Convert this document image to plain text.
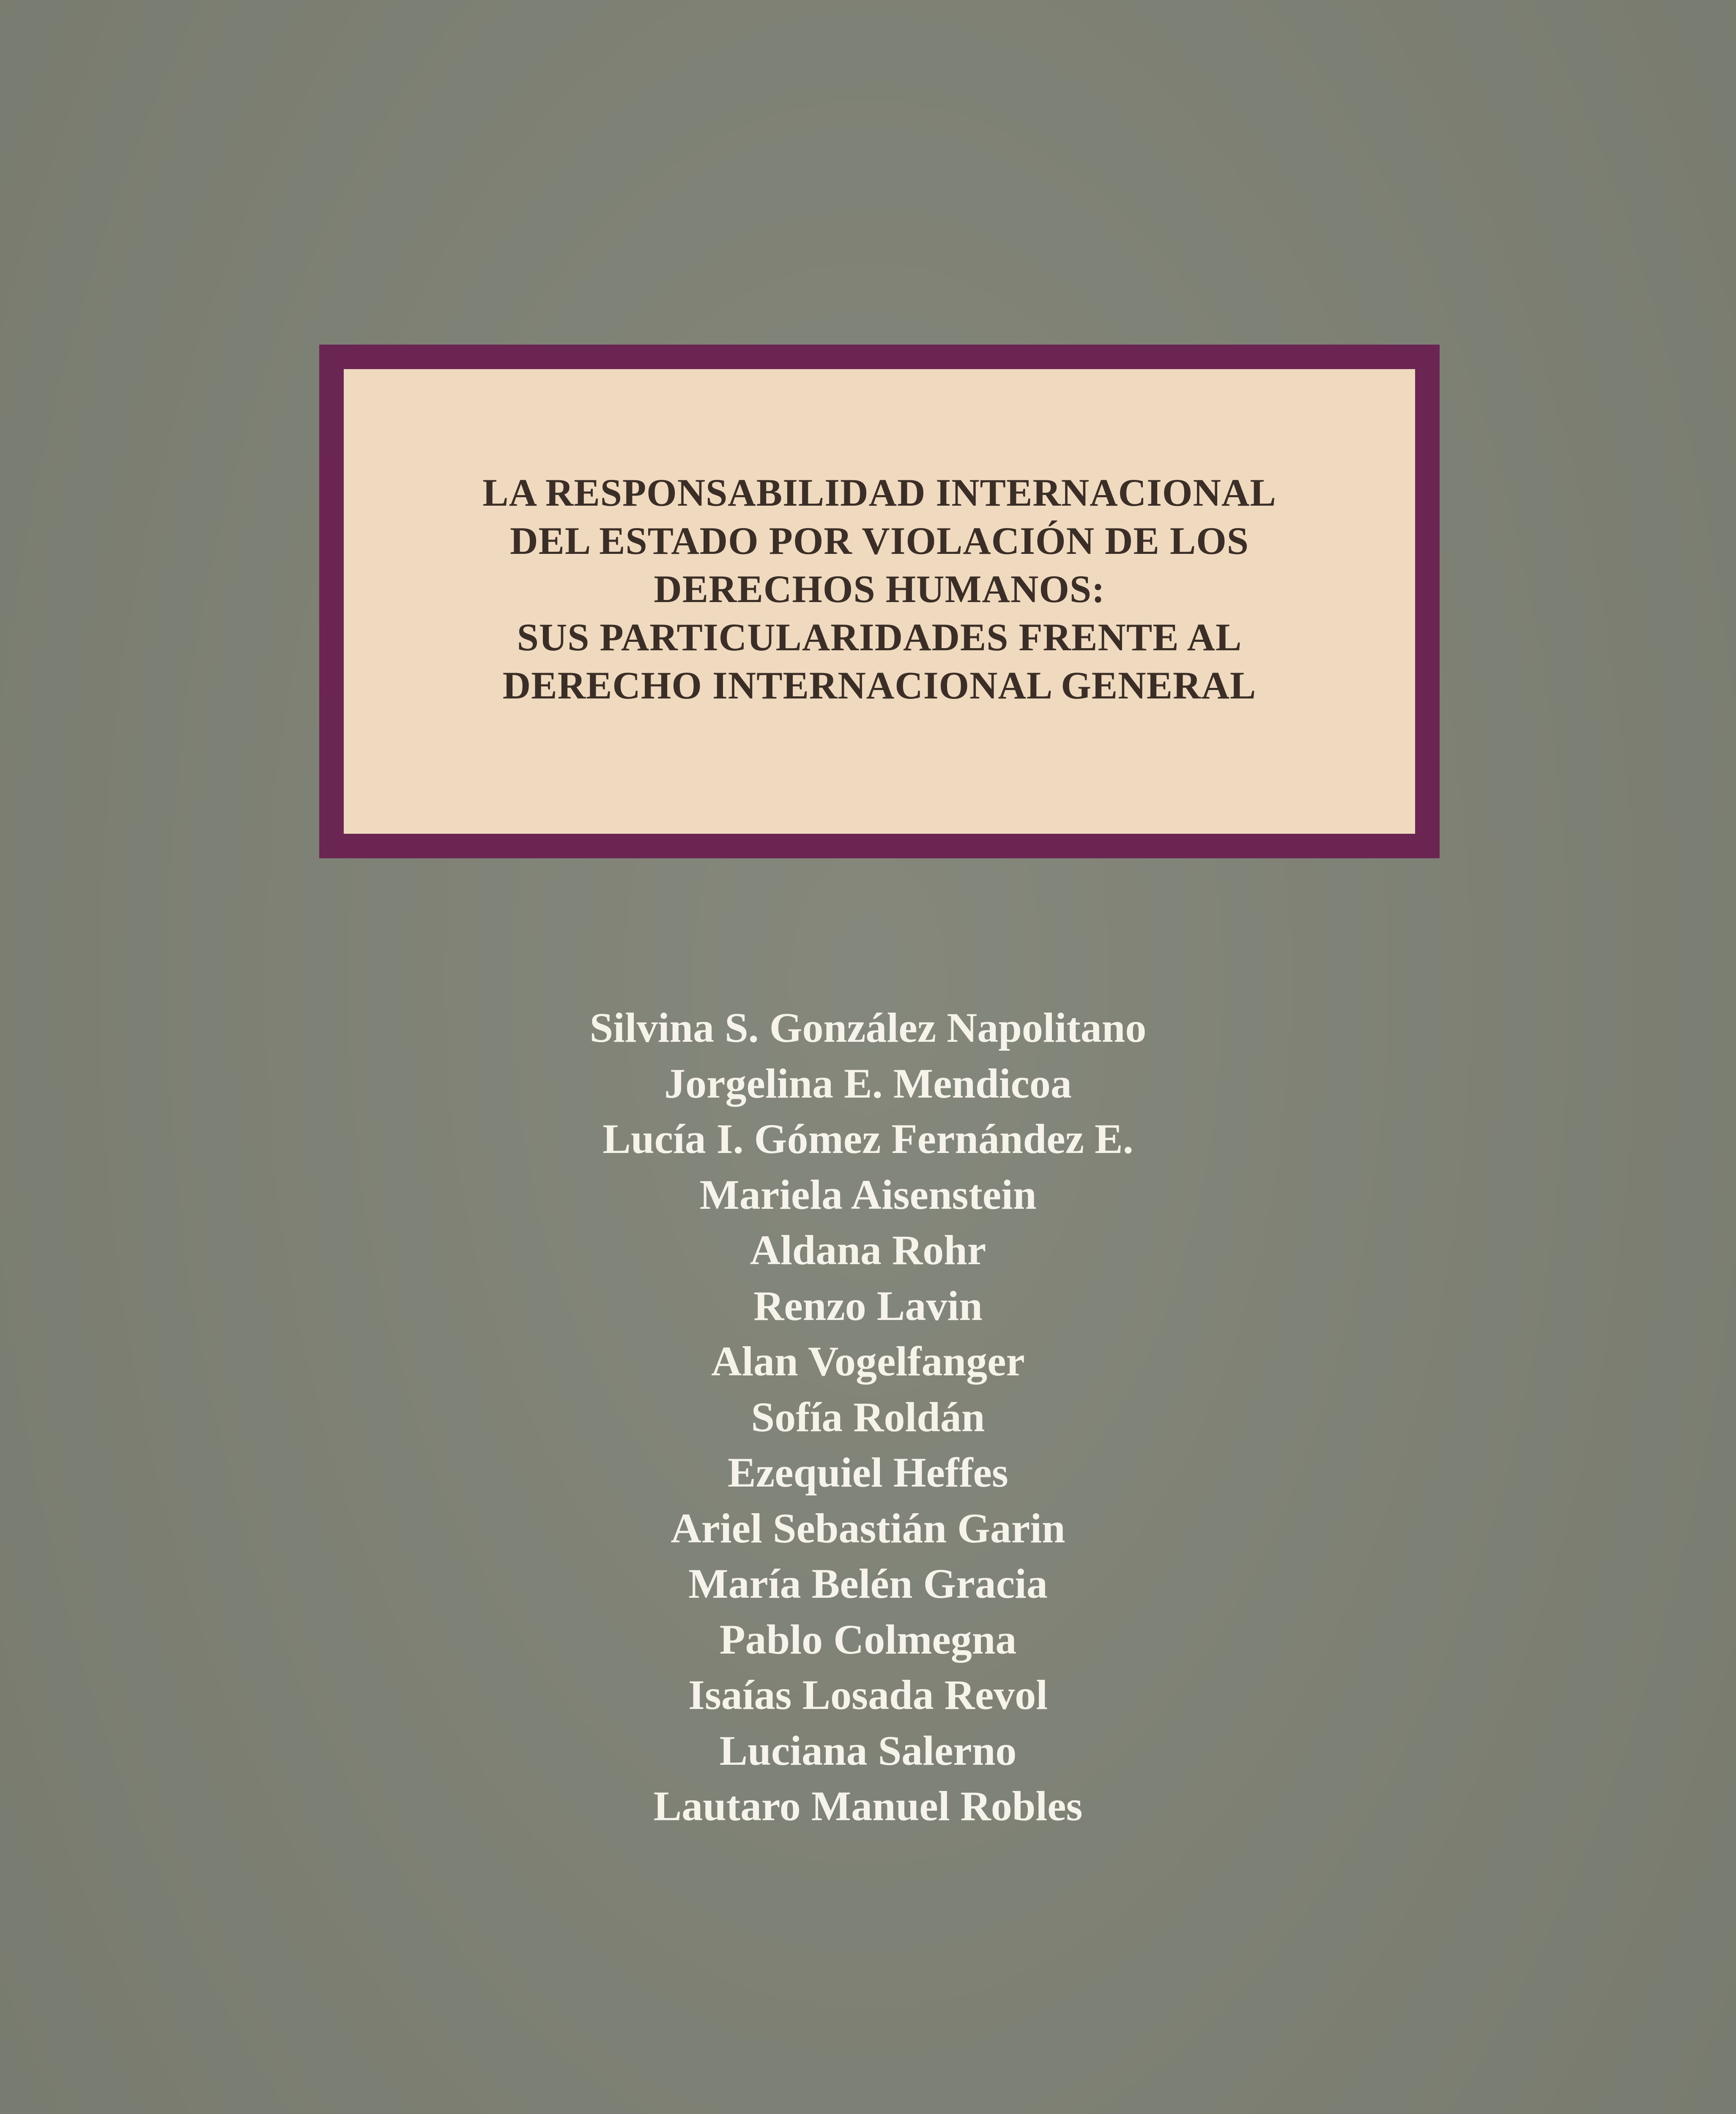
LA RESPONSABILIDAD INTERNACIONAL
DEL ESTADO POR VIOLACIÓN DE LOS
DERECHOS HUMANOS:
SUS PARTICULARIDADES FRENTE AL
DERECHO INTERNACIONAL GENERAL
Silvina S. González Napolitano
Jorgelina E. Mendicoa
Lucía I. Gómez Fernández E.
Mariela Aisenstein
Aldana Rohr
Renzo Lavin
Alan Vogelfanger
Sofía Roldán
Ezequiel Heffes
Ariel Sebastián Garin
María Belén Gracia
Pablo Colmegna
Isaías Losada Revol
Luciana Salerno
Lautaro Manuel Robles
